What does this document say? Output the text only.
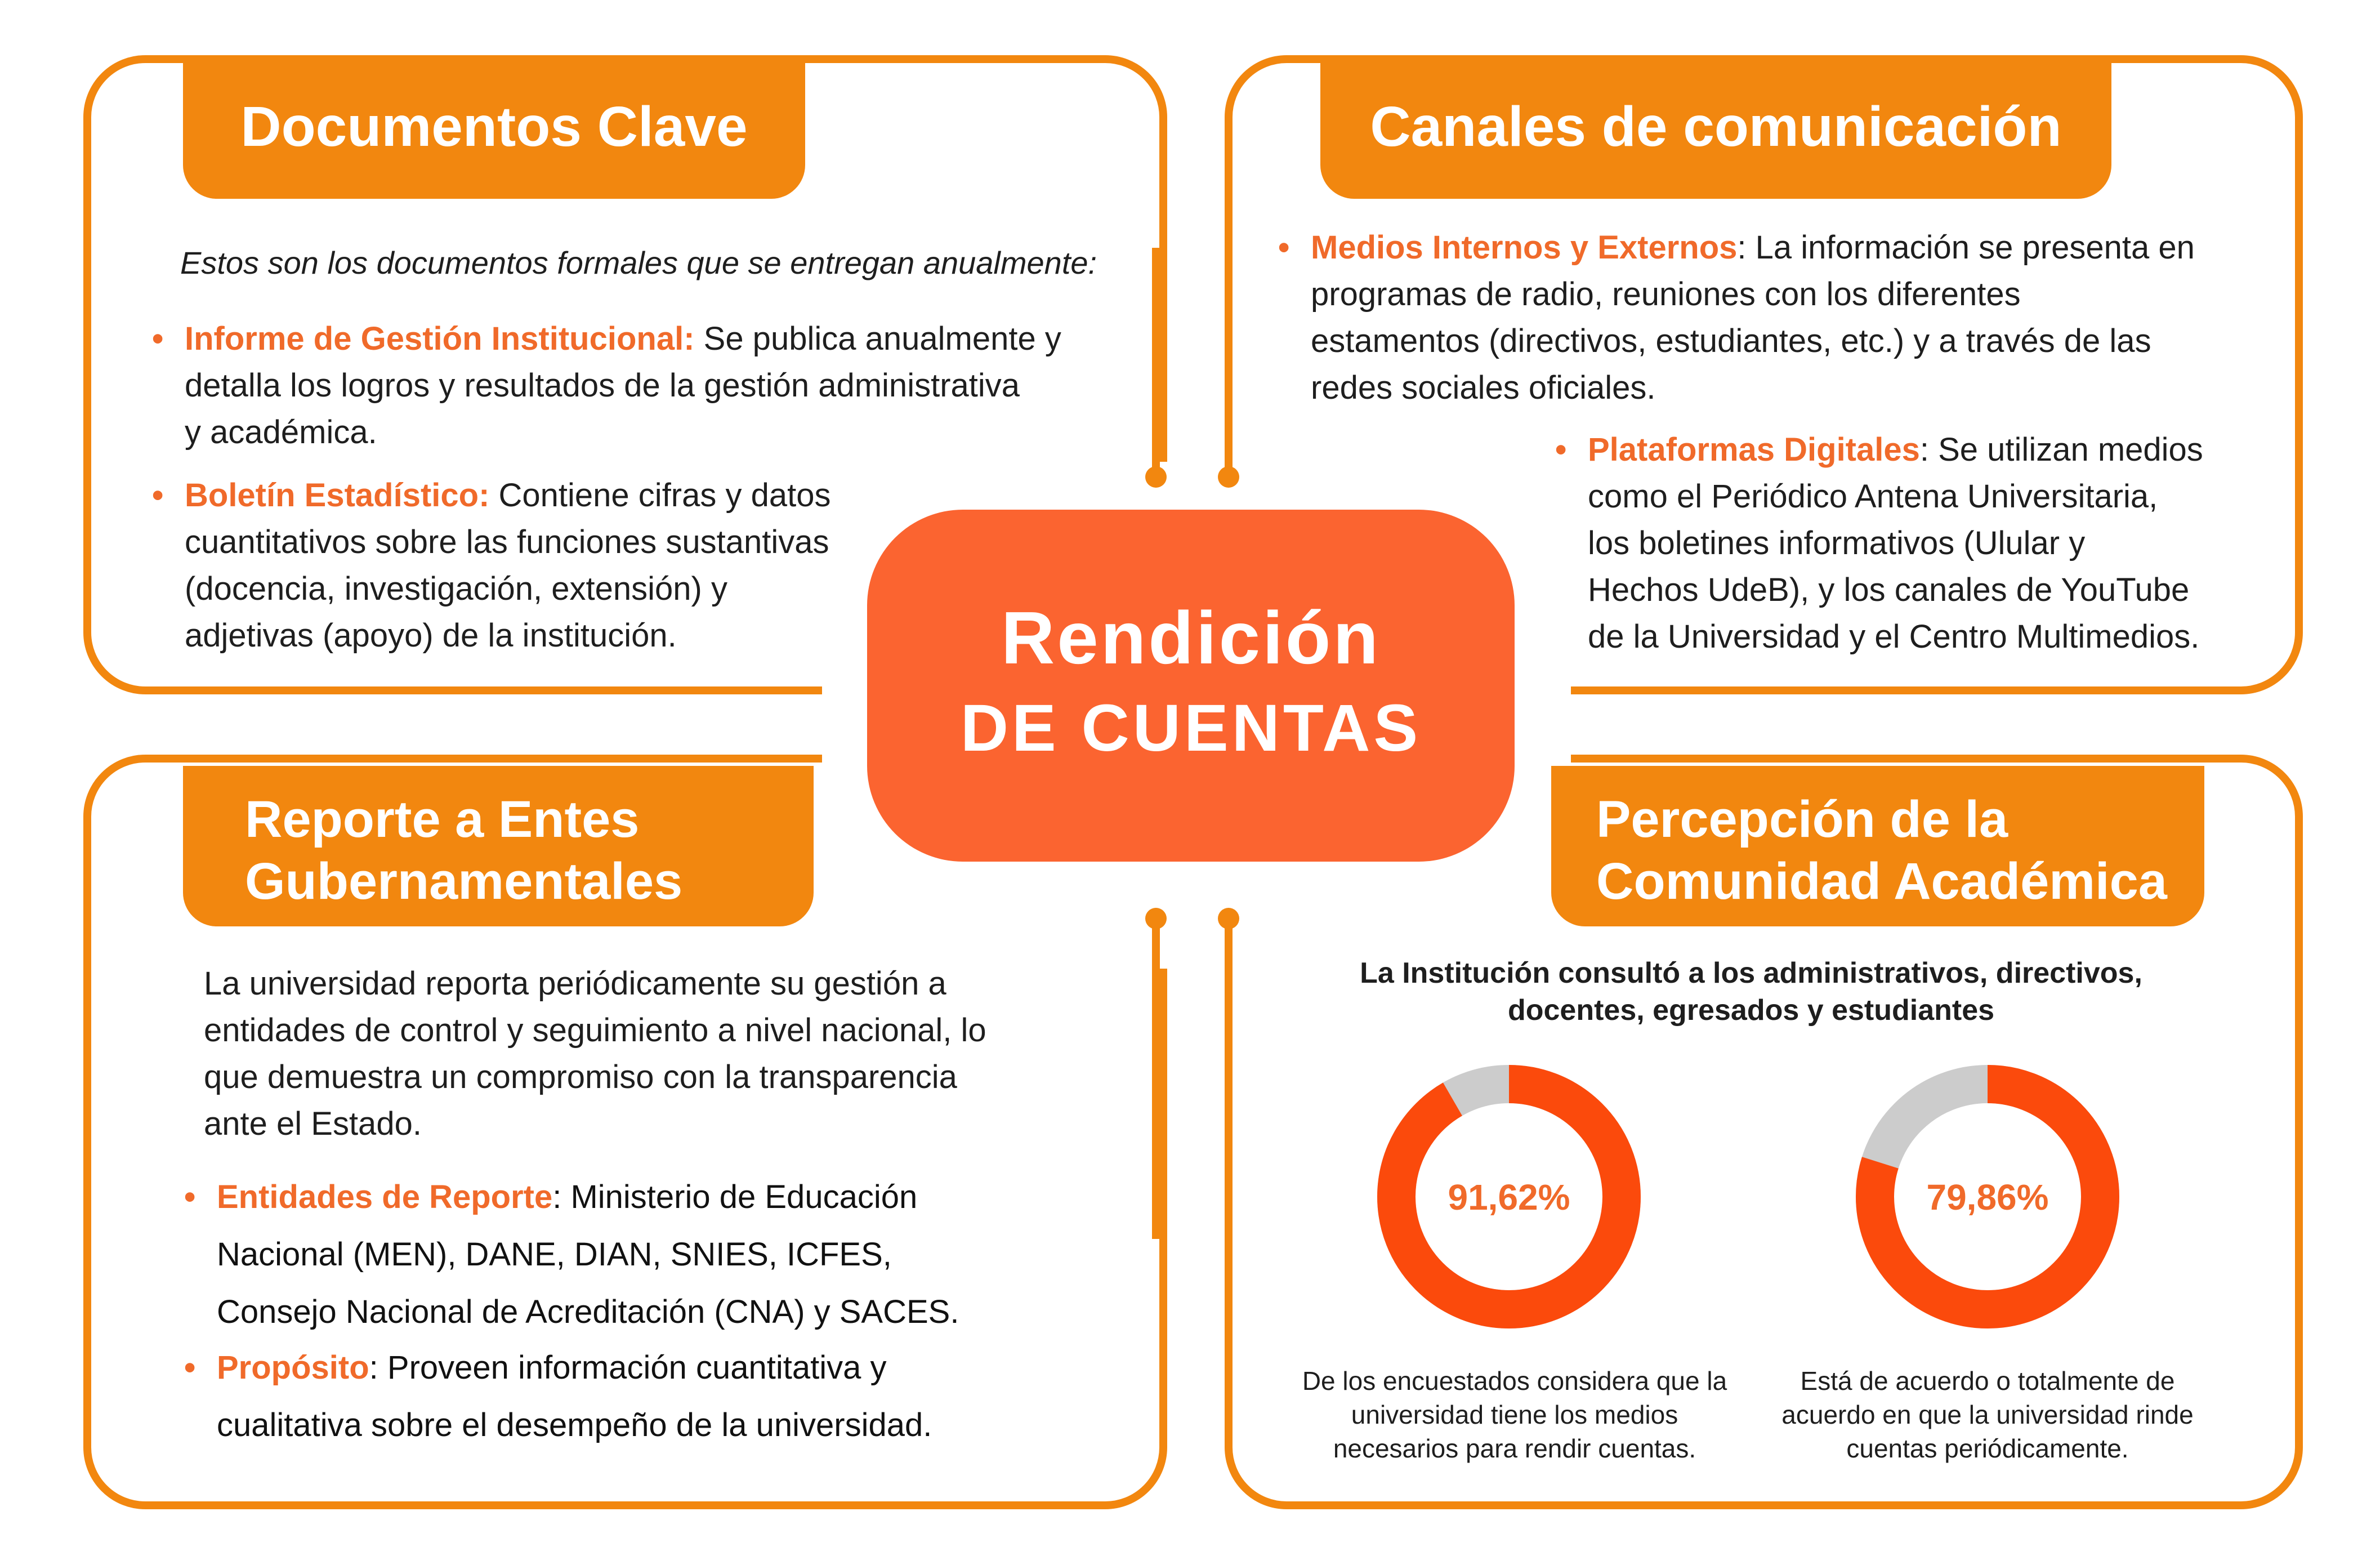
Documentos Clave	Canales de comunicación
Reporte a Entes
Gubernamentales
Percepción de la
Comunidad Académica
Rendición
DE CUENTAS
Estos son los documentos formales que se entregan anualmente:
• Informe de Gestión Institucional: Se publica anualmente y
detalla los logros y resultados de la gestión administrativa
y académica.
• Boletín Estadístico: Contiene cifras y datos
cuantitativos sobre las funciones sustantivas
(docencia, investigación, extensión) y
adjetivas (apoyo) de la institución.
• Medios Internos y Externos: La información se presenta en
programas de radio, reuniones con los diferentes
estamentos (directivos, estudiantes, etc.) y a través de las
redes sociales oficiales.
• Plataformas Digitales: Se utilizan medios
como el Periódico Antena Universitaria,
los boletines informativos (Ulular y
Hechos UdeB), y los canales de YouTube
de la Universidad y el Centro Multimedios.
La universidad reporta periódicamente su gestión a
entidades de control y seguimiento a nivel nacional, lo
que demuestra un compromiso con la transparencia
ante el Estado.
• Entidades de Reporte: Ministerio de Educación
Nacional (MEN), DANE, DIAN, SNIES, ICFES,
Consejo Nacional de Acreditación (CNA) y SACES.
• Propósito: Proveen información cuantitativa y
cualitativa sobre el desempeño de la universidad.
La Institución consultó a los administrativos, directivos,
docentes, egresados y estudiantes
91,62%	79,86%
De los encuestados considera que la
universidad tiene los medios
necesarios para rendir cuentas.
Está de acuerdo o totalmente de
acuerdo en que la universidad rinde
cuentas periódicamente.
